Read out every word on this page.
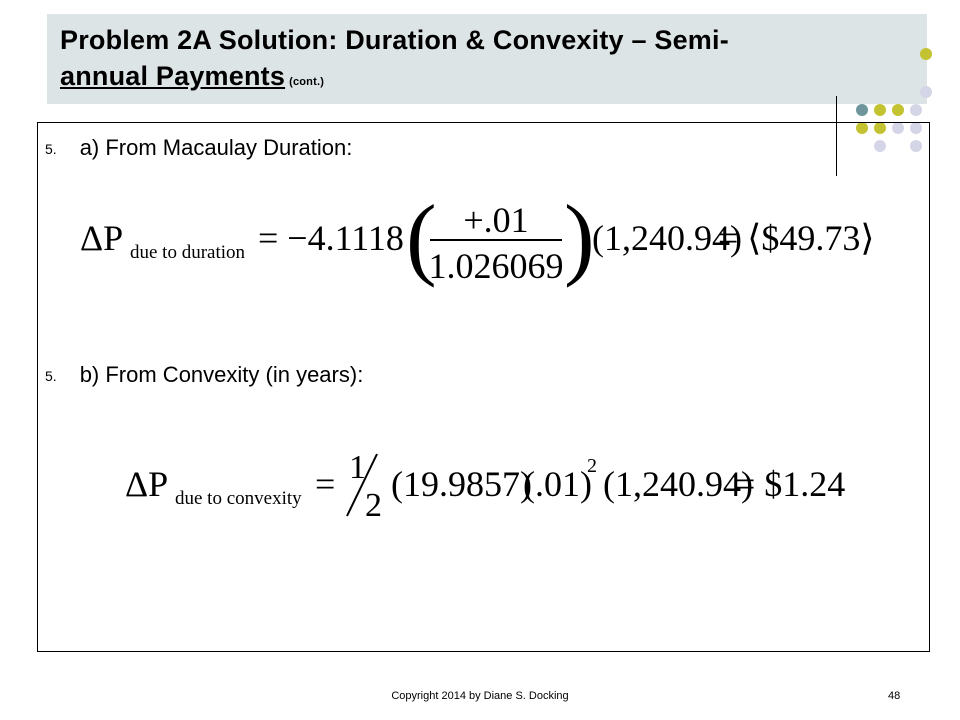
Problem 2A Solution: Duration & Convexity – Semi-
annual Payments (cont.)
5. a) From Macaulay Duration:
ΔP due to duration = −4.1118 ( +.01
1.026069 )
(1,240.94)
= ⟨$49.73⟩
5. b) From Convexity (in years):
ΔP due to convexity = 1
2
(19.9857)
(.01)
2 (1,240.94)
= $1.24
Copyright 2014 by Diane S. Docking	48
